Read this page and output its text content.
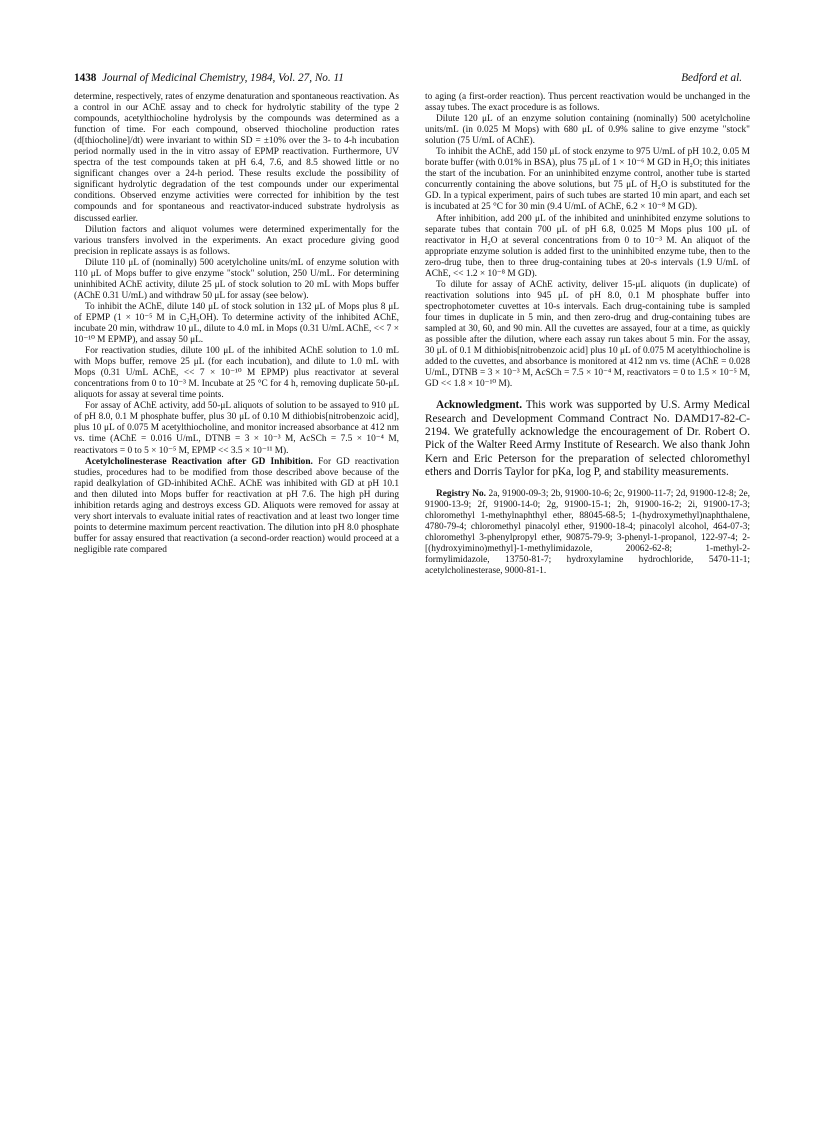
1438 Journal of Medicinal Chemistry, 1984, Vol. 27, No. 11	Bedford et al.

determine, respectively, rates of enzyme denaturation and spontaneous reactivation. As a control in our AChE assay and to check for hydrolytic stability of the type 2 compounds, acetylthiocholine hydrolysis by the compounds was determined as a function of time. For each compound, observed thiocholine production rates (d[thiocholine]/dt) were invariant to within SD = ±10% over the 3- to 4-h incubation period normally used in the in vitro assay of EPMP reactivation. Furthermore, UV spectra of the test compounds taken at pH 6.4, 7.6, and 8.5 showed little or no significant changes over a 24-h period. These results exclude the possibility of significant hydrolytic degradation of the test compounds under our experimental conditions. Observed enzyme activities were corrected for inhibition by the test compounds and for spontaneous and reactivator-induced substrate hydrolysis as discussed earlier.

Dilution factors and aliquot volumes were determined experimentally for the various transfers involved in the experiments. An exact procedure giving good precision in replicate assays is as follows.

Dilute 110 μL of (nominally) 500 acetylcholine units/mL of enzyme solution with 110 μL of Mops buffer to give enzyme "stock" solution, 250 U/mL. For determining uninhibited AChE activity, dilute 25 μL of stock solution to 20 mL with Mops buffer (AChE 0.31 U/mL) and withdraw 50 μL for assay (see below).

To inhibit the AChE, dilute 140 μL of stock solution in 132 μL of Mops plus 8 μL of EPMP (1 × 10⁻⁵ M in C₂H₅OH). To determine activity of the inhibited AChE, incubate 20 min, withdraw 10 μL, dilute to 4.0 mL in Mops (0.31 U/mL AChE, << 7 × 10⁻¹⁰ M EPMP), and assay 50 μL.

For reactivation studies, dilute 100 μL of the inhibited AChE solution to 1.0 mL with Mops buffer, remove 25 μL (for each incubation), and dilute to 1.0 mL with Mops (0.31 U/mL AChE, << 7 × 10⁻¹⁰ M EPMP) plus reactivator at several concentrations from 0 to 10⁻³ M. Incubate at 25 °C for 4 h, removing duplicate 50-μL aliquots for assay at several time points.

For assay of AChE activity, add 50-μL aliquots of solution to be assayed to 910 μL of pH 8.0, 0.1 M phosphate buffer, plus 30 μL of 0.10 M dithiobis[nitrobenzoic acid], plus 10 μL of 0.075 M acetylthiocholine, and monitor increased absorbance at 412 nm vs. time (AChE = 0.016 U/mL, DTNB = 3 × 10⁻³ M, AcSCh = 7.5 × 10⁻⁴ M, reactivators = 0 to 5 × 10⁻⁵ M, EPMP << 3.5 × 10⁻¹¹ M).

Acetylcholinesterase Reactivation after GD Inhibition. For GD reactivation studies, procedures had to be modified from those described above because of the rapid dealkylation of GD-inhibited AChE. AChE was inhibited with GD at pH 10.1 and then diluted into Mops buffer for reactivation at pH 7.6. The high pH during inhibition retards aging and destroys excess GD. Aliquots were removed for assay at very short intervals to evaluate initial rates of reactivation and at least two longer time points to determine maximum percent reactivation. The dilution into pH 8.0 phosphate buffer for assay ensured that reactivation (a second-order reaction) would proceed at a negligible rate compared

to aging (a first-order reaction). Thus percent reactivation would be unchanged in the assay tubes. The exact procedure is as follows.

Dilute 120 μL of an enzyme solution containing (nominally) 500 acetylcholine units/mL (in 0.025 M Mops) with 680 μL of 0.9% saline to give enzyme "stock" solution (75 U/mL of AChE).

To inhibit the AChE, add 150 μL of stock enzyme to 975 U/mL of pH 10.2, 0.05 M borate buffer (with 0.01% in BSA), plus 75 μL of 1 × 10⁻⁶ M GD in H₂O; this initiates the start of the incubation. For an uninhibited enzyme control, another tube is started concurrently containing the above solutions, but 75 μL of H₂O is substituted for the GD. In a typical experiment, pairs of such tubes are started 10 min apart, and each set is incubated at 25 °C for 30 min (9.4 U/mL of AChE, 6.2 × 10⁻⁸ M GD).

After inhibition, add 200 μL of the inhibited and uninhibited enzyme solutions to separate tubes that contain 700 μL of pH 6.8, 0.025 M Mops plus 100 μL of reactivator in H₂O at several concentrations from 0 to 10⁻³ M. An aliquot of the appropriate enzyme solution is added first to the uninhibited enzyme tube, then to the zero-drug tube, then to three drug-containing tubes at 20-s intervals (1.9 U/mL of AChE, << 1.2 × 10⁻⁸ M GD).

To dilute for assay of AChE activity, deliver 15-μL aliquots (in duplicate) of reactivation solutions into 945 μL of pH 8.0, 0.1 M phosphate buffer into spectrophotometer cuvettes at 10-s intervals. Each drug-containing tube is sampled four times in duplicate in 5 min, and then zero-drug and drug-containing tubes are sampled at 30, 60, and 90 min. All the cuvettes are assayed, four at a time, as quickly as possible after the dilution, where each assay run takes about 5 min. For the assay, 30 μL of 0.1 M dithiobis[nitrobenzoic acid] plus 10 μL of 0.075 M acetylthiocholine is added to the cuvettes, and absorbance is monitored at 412 nm vs. time (AChE = 0.028 U/mL, DTNB = 3 × 10⁻³ M, AcSCh = 7.5 × 10⁻⁴ M, reactivators = 0 to 1.5 × 10⁻⁵ M, GD << 1.8 × 10⁻¹⁰ M).

Acknowledgment. This work was supported by U.S. Army Medical Research and Development Command Contract No. DAMD17-82-C-2194. We gratefully acknowledge the encouragement of Dr. Robert O. Pick of the Walter Reed Army Institute of Research. We also thank John Kern and Eric Peterson for the preparation of selected chloromethyl ethers and Dorris Taylor for pKa, log P, and stability measurements.

Registry No. 2a, 91900-09-3; 2b, 91900-10-6; 2c, 91900-11-7; 2d, 91900-12-8; 2e, 91900-13-9; 2f, 91900-14-0; 2g, 91900-15-1; 2h, 91900-16-2; 2i, 91900-17-3; chloromethyl 1-methylnaphthyl ether, 88045-68-5; 1-(hydroxymethyl)naphthalene, 4780-79-4; chloromethyl pinacolyl ether, 91900-18-4; pinacolyl alcohol, 464-07-3; chloromethyl 3-phenylpropyl ether, 90875-79-9; 3-phenyl-1-propanol, 122-97-4; 2-[(hydroxyimino)methyl]-1-methylimidazole, 20062-62-8; 1-methyl-2-formylimidazole, 13750-81-7; hydroxylamine hydrochloride, 5470-11-1; acetylcholinesterase, 9000-81-1.
